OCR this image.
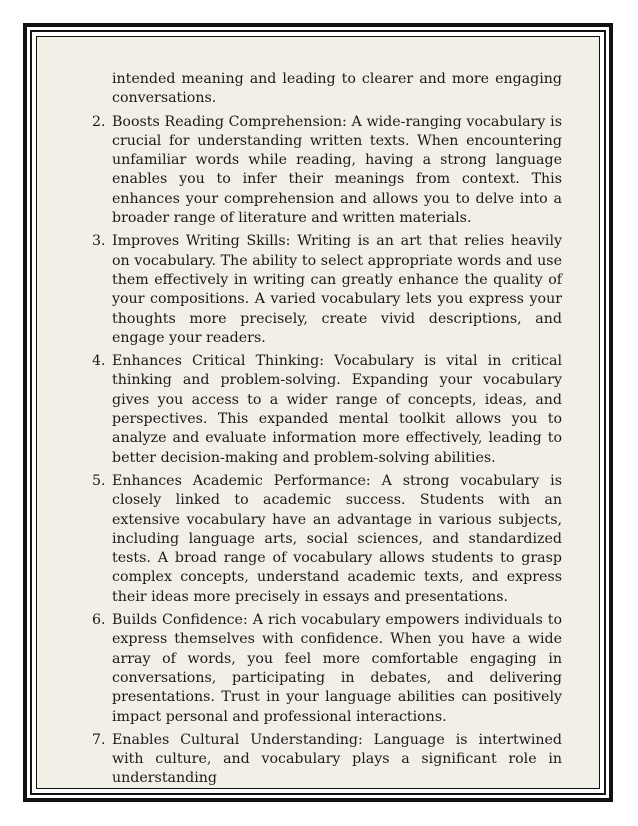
intended meaning and leading to clearer and more engaging conversations.

2. Boosts Reading Comprehension: A wide-ranging vocabulary is crucial for understanding written texts. When encountering unfamiliar words while reading, having a strong language enables you to infer their meanings from context. This enhances your comprehension and allows you to delve into a broader range of literature and written materials.
3. Improves Writing Skills: Writing is an art that relies heavily on vocabulary. The ability to select appropriate words and use them effectively in writing can greatly enhance the quality of your compositions. A varied vocabulary lets you express your thoughts more precisely, create vivid descriptions, and engage your readers.
4. Enhances Critical Thinking: Vocabulary is vital in critical thinking and problem-solving. Expanding your vocabulary gives you access to a wider range of concepts, ideas, and perspectives. This expanded mental toolkit allows you to analyze and evaluate information more effectively, leading to better decision-making and problem-solving abilities.
5. Enhances Academic Performance: A strong vocabulary is closely linked to academic success. Students with an extensive vocabulary have an advantage in various subjects, including language arts, social sciences, and standardized tests. A broad range of vocabulary allows students to grasp complex concepts, understand academic texts, and express their ideas more precisely in essays and presentations.
6. Builds Confidence: A rich vocabulary empowers individuals to express themselves with confidence. When you have a wide array of words, you feel more comfortable engaging in conversations, participating in debates, and delivering presentations. Trust in your language abilities can positively impact personal and professional interactions.
7. Enables Cultural Understanding: Language is intertwined with culture, and vocabulary plays a significant role in understanding
